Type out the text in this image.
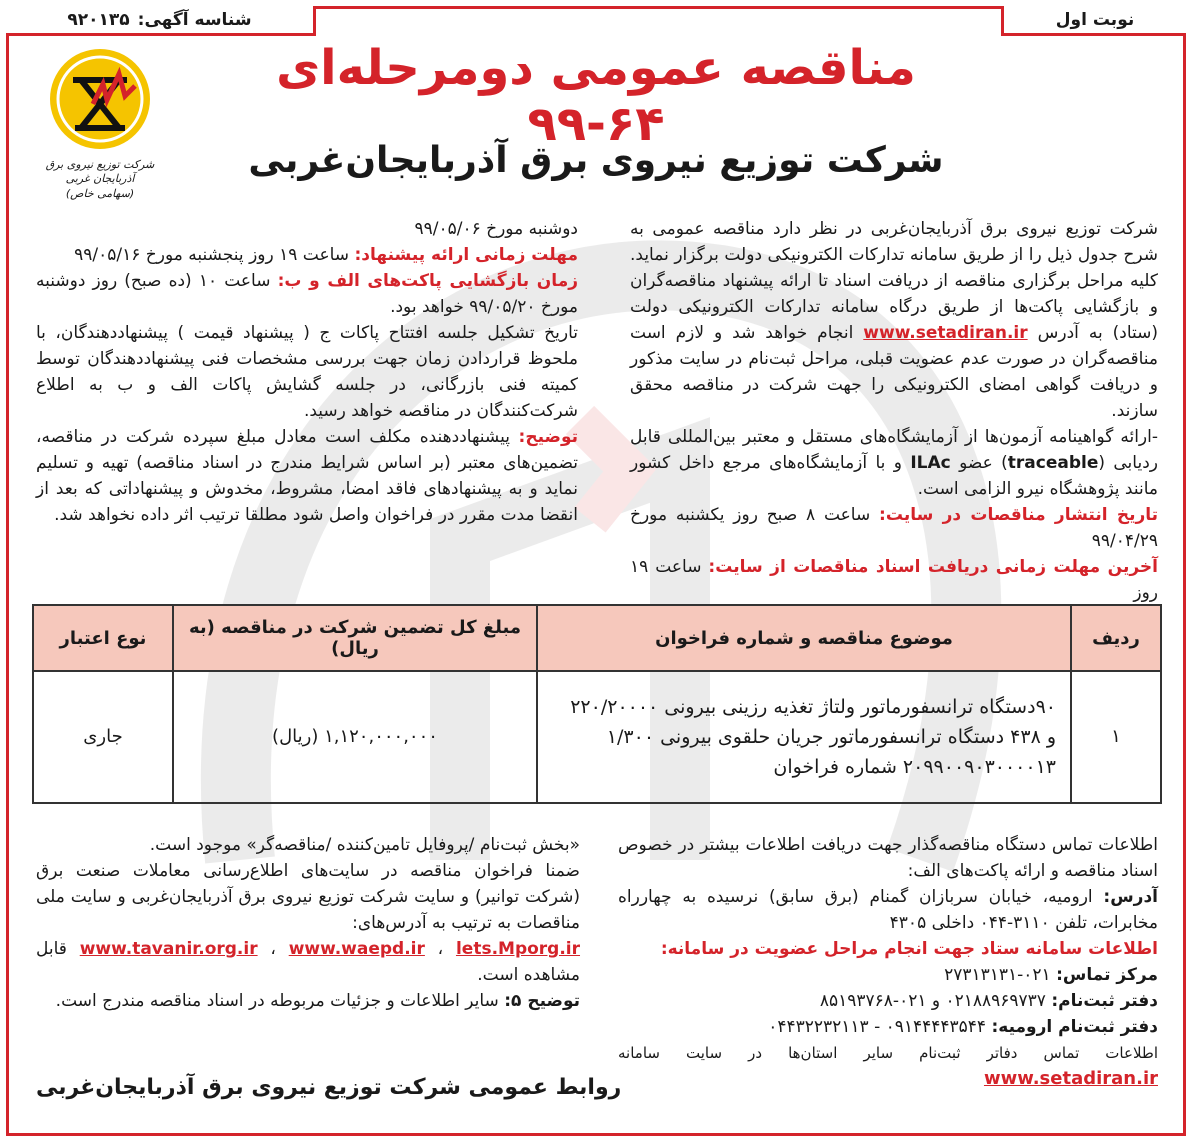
نوبت اول
شناسه آگهی:
۹۲۰۱۳۵
شرکت توزیع نیروی برق آذربایجان غربی
(سهامی خاص)
مناقصه عمومی دومرحله‌ای ۶۴-۹۹
شرکت توزیع نیروی برق آذربایجان‌غربی

شرکت توزیع نیروی برق آذربایجان‌غربی در نظر دارد مناقصه عمومی به شرح جدول ذیل را از طریق سامانه تدارکات الکترونیکی دولت برگزار نماید. کلیه مراحل برگزاری مناقصه از دریافت اسناد تا ارائه پیشنهاد مناقصه‌گران و بازگشایی پاکت‌ها از طریق درگاه سامانه تدارکات الکترونیکی دولت (ستاد) به آدرس www.setadiran.ir انجام خواهد شد و لازم است مناقصه‌گران در صورت عدم عضویت قبلی، مراحل ثبت‌نام در سایت مذکور و دریافت گواهی امضای الکترونیکی را جهت شرکت در مناقصه محقق سازند.

-ارائه گواهینامه آزمون‌ها از آزمایشگاه‌های مستقل و معتبر بین‌المللی قابل ردیابی (traceable) عضو ILAc و با آزمایشگاه‌های مرجع داخل کشور مانند پژوهشگاه نیرو الزامی است.

تاریخ انتشار مناقصات در سایت: ساعت ۸ صبح روز یکشنبه مورخ ۹۹/۰۴/۲۹

آخرین مهلت زمانی دریافت اسناد مناقصات از سایت: ساعت ۱۹ روز

دوشنبه مورخ ۹۹/۰۵/۰۶

مهلت زمانی ارائه پیشنهاد: ساعت ۱۹ روز پنجشنبه مورخ ۹۹/۰۵/۱۶

زمان بازگشایی پاکت‌های الف و ب: ساعت ۱۰ (ده صبح) روز دوشنبه مورخ ۹۹/۰۵/۲۰ خواهد بود.

تاریخ تشکیل جلسه افتتاح پاکات ج ( پیشنهاد قیمت ) پیشنهاددهندگان، با ملحوظ قراردادن زمان جهت بررسی مشخصات فنی پیشنهاددهندگان توسط کمیته فنی بازرگانی، در جلسه گشایش پاکات الف و ب به اطلاع شرکت‌کنندگان در مناقصه خواهد رسید.

توضیح: پیشنهاددهنده مکلف است معادل مبلغ سپرده شرکت در مناقصه، تضمین‌های معتبر (بر اساس شرایط مندرج در اسناد مناقصه) تهیه و تسلیم نماید و به پیشنهادهای فاقد امضا، مشروط، مخدوش و پیشنهاداتی که بعد از انقضا مدت مقرر در فراخوان واصل شود مطلقا ترتیب اثر داده نخواهد شد.

ردیف	موضوع مناقصه و شماره فراخوان	مبلغ کل تضمین شرکت در مناقصه (به ریال)	نوع اعتبار
۱	۹۰دستگاه ترانسفورماتور ولتاژ تغذیه رزینی بیرونی ۲۲۰/۲۰۰۰۰
و ۴۳۸ دستگاه ترانسفورماتور جریان حلقوی بیرونی ۱/۳۰۰
۲۰۹۹۰۰۹۰۳۰۰۰۰۱۳ شماره فراخوان	۱,۱۲۰,۰۰۰,۰۰۰ (ریال)	جاری

اطلاعات تماس دستگاه مناقصه‌گذار جهت دریافت اطلاعات بیشتر در خصوص اسناد مناقصه و ارائه پاکت‌های الف:

آدرس: ارومیه، خیابان سربازان گمنام (برق سابق) نرسیده به چهارراه مخابرات، تلفن ۳۱۱۰-۰۴۴ داخلی ۴۳۰۵

اطلاعات سامانه ستاد جهت انجام مراحل عضویت در سامانه:

مرکز تماس: ۰۲۱-۲۷۳۱۳۱۳۱

دفتر ثبت‌نام: ۰۲۱۸۸۹۶۹۷۳۷ و ۰۲۱-۸۵۱۹۳۷۶۸

دفتر ثبت‌نام ارومیه: ۰۹۱۴۴۴۴۳۵۴۴ - ۰۴۴۳۲۲۳۲۱۱۳

اطلاعات تماس دفاتر ثبت‌نام سایر استان‌ها در سایت سامانه www.setadiran.ir

«بخش ثبت‌نام /پروفایل تامین‌کننده /مناقصه‌گر» موجود است.

ضمنا فراخوان مناقصه در سایت‌های اطلاع‌رسانی معاملات صنعت برق (شرکت توانیر) و سایت شرکت توزیع نیروی برق آذربایجان‌غربی و سایت ملی مناقصات به ترتیب به آدرس‌های:

www.tavanir.org.ir ، www.waepd.ir ، lets.Mporg.ir قابل مشاهده است.

توضیح ۵: سایر اطلاعات و جزئیات مربوطه در اسناد مناقصه مندرج است.

روابط عمومی شرکت توزیع نیروی برق آذربایجان‌غربی
